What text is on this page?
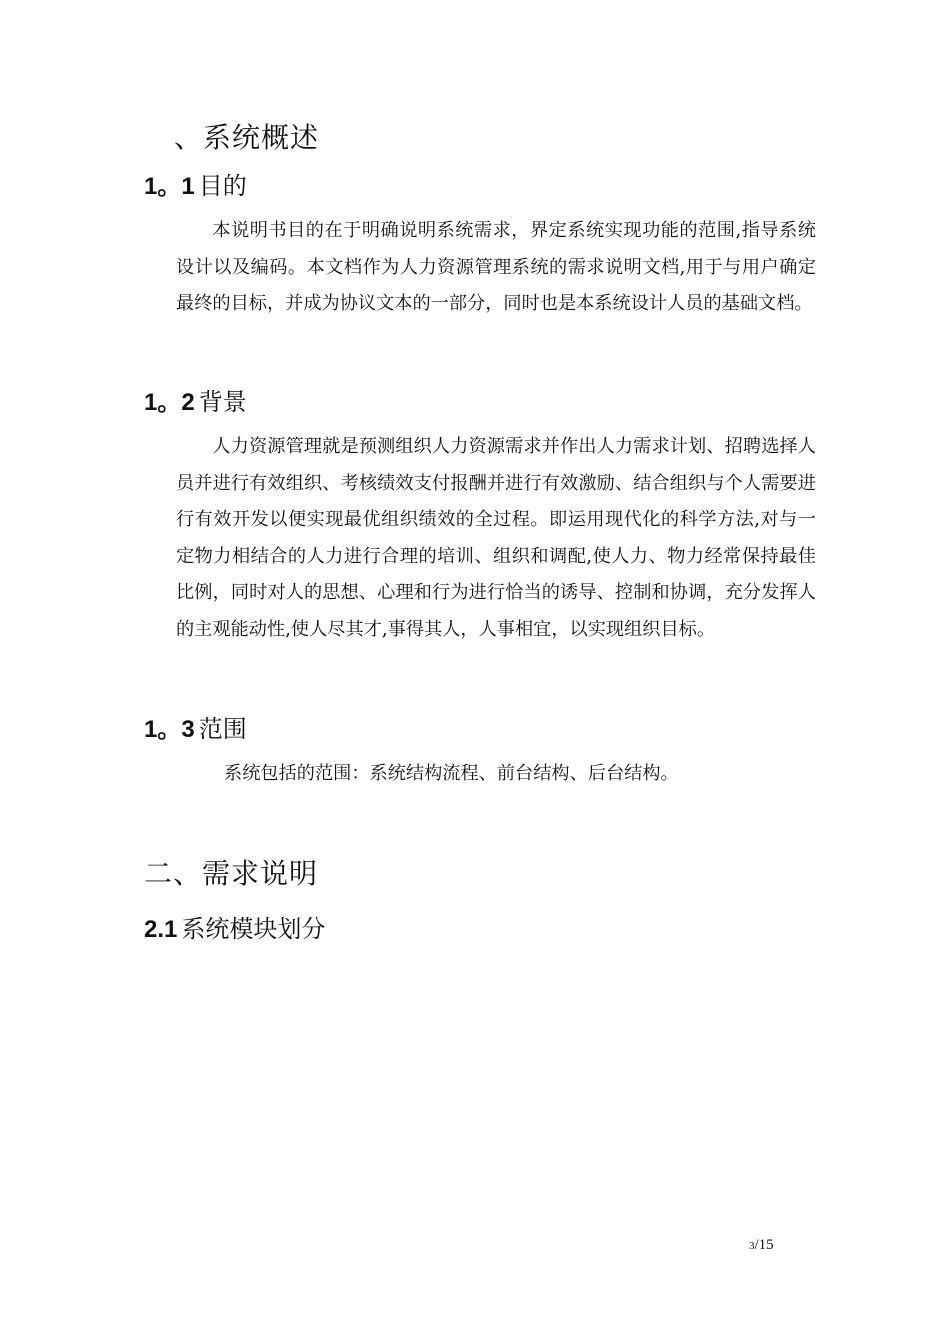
、系统概述
1。1 目的

本说明书目的在于明确说明系统需求，界定系统实现功能的范围,指导系统设计以及编码。本文档作为人力资源管理系统的需求说明文档,用于与用户确定最终的目标，并成为协议文本的一部分，同时也是本系统设计人员的基础文档。

1。2 背景

人力资源管理就是预测组织人力资源需求并作出人力需求计划、招聘选择人员并进行有效组织、考核绩效支付报酬并进行有效激励、结合组织与个人需要进行有效开发以便实现最优组织绩效的全过程。即运用现代化的科学方法,对与一定物力相结合的人力进行合理的培训、组织和调配,使人力、物力经常保持最佳比例，同时对人的思想、心理和行为进行恰当的诱导、控制和协调，充分发挥人的主观能动性,使人尽其才,事得其人，人事相宜，以实现组织目标。

1。3 范围

系统包括的范围：系统结构流程、前台结构、后台结构。

二、需求说明
2.1 系统模块划分
3/15
